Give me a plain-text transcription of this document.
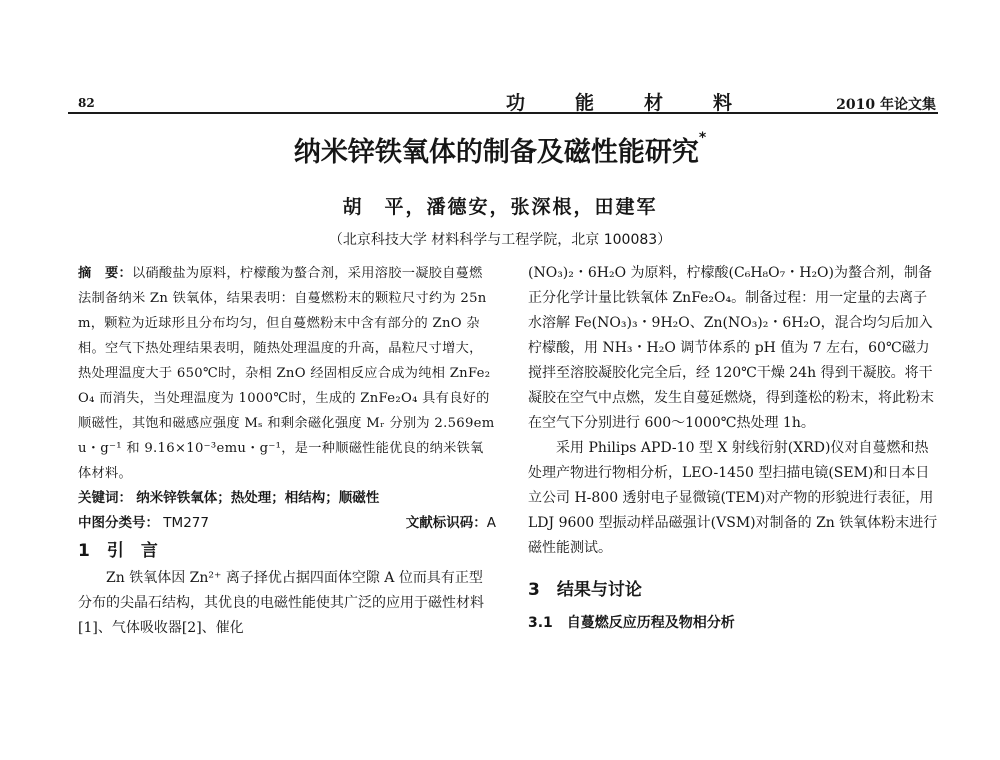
82	功能材料	2010 年论文集
纳米锌铁氧体的制备及磁性能研究*
胡　平，潘德安，张深根，田建军
（北京科技大学 材料科学与工程学院，北京 100083）

摘　要：以硝酸盐为原料，柠檬酸为螯合剂，采用溶胶一凝胶自蔓燃法制备纳米 Zn 铁氧体，结果表明：自蔓燃粉末的颗粒尺寸约为 25nm，颗粒为近球形且分布均匀，但自蔓燃粉末中含有部分的 ZnO 杂相。空气下热处理结果表明，随热处理温度的升高，晶粒尺寸增大，热处理温度大于 650℃时，杂相 ZnO 经固相反应合成为纯相 ZnFe₂O₄ 而消失，当处理温度为 1000℃时，生成的 ZnFe₂O₄ 具有良好的顺磁性，其饱和磁感应强度 Mₛ 和剩余磁化强度 Mᵣ 分别为 2.569emu・g⁻¹ 和 9.16×10⁻³emu・g⁻¹，是一种顺磁性能优良的纳米铁氧体材料。

关键词： 纳米锌铁氧体；热处理；相结构；顺磁性

中图分类号： TM277	文献标识码：A

1　引　言

Zn 铁氧体因 Zn²⁺ 离子择优占据四面体空隙 A 位而具有正型分布的尖晶石结构，其优良的电磁性能使其广泛的应用于磁性材料[1]、气体吸收器[2]、催化

(NO₃)₂・6H₂O 为原料，柠檬酸(C₆H₈O₇・H₂O)为螯合剂，制备正分化学计量比铁氧体 ZnFe₂O₄。制备过程：用一定量的去离子水溶解 Fe(NO₃)₃・9H₂O、Zn(NO₃)₂・6H₂O，混合均匀后加入柠檬酸，用 NH₃・H₂O 调节体系的 pH 值为 7 左右，60℃磁力搅拌至溶胶凝胶化完全后，经 120℃干燥 24h 得到干凝胶。将干凝胶在空气中点燃，发生自蔓延燃烧，得到蓬松的粉末，将此粉末在空气下分别进行 600～1000℃热处理 1h。

采用 Philips APD-10 型 X 射线衍射(XRD)仪对自蔓燃和热处理产物进行物相分析，LEO-1450 型扫描电镜(SEM)和日本日立公司 H-800 透射电子显微镜(TEM)对产物的形貌进行表征，用 LDJ 9600 型振动样品磁强计(VSM)对制备的 Zn 铁氧体粉末进行磁性能测试。

3　结果与讨论

3.1　自蔓燃反应历程及物相分析
